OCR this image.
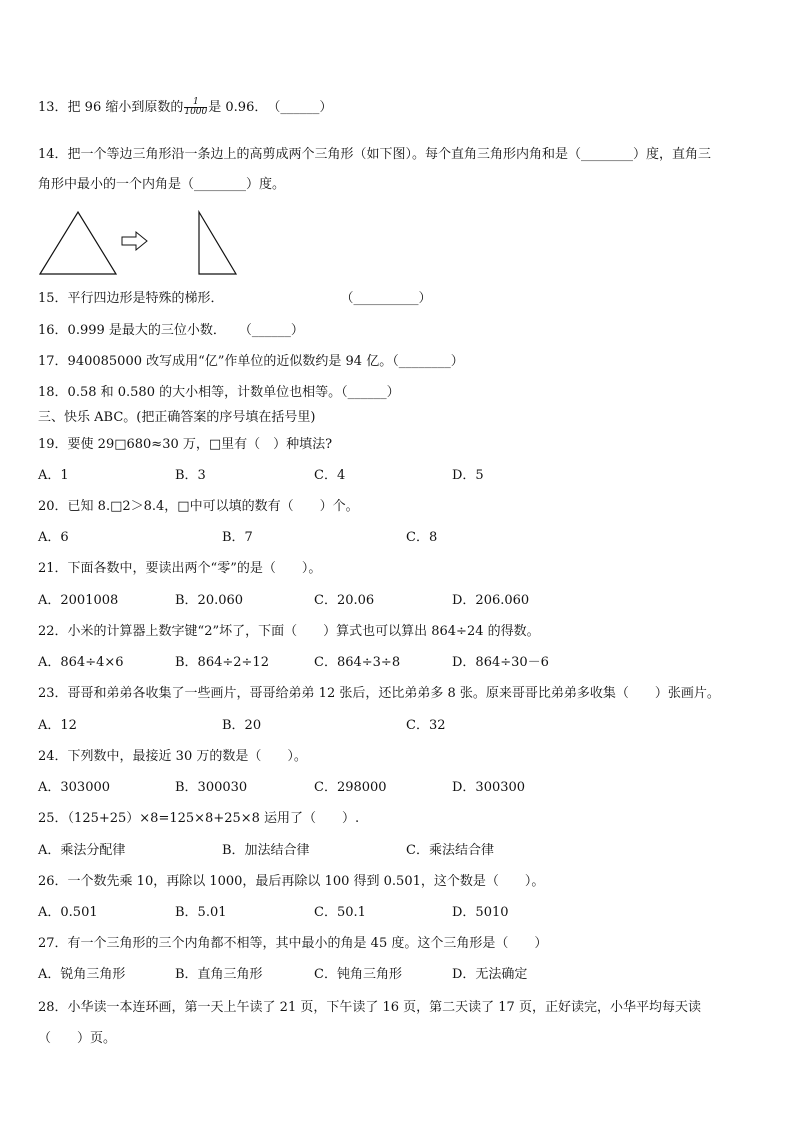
13．把 96 缩小到原数的 $\frac{1}{1000}$ 是 0.96．　（______）
14．把一个等边三角形沿一条边上的高剪成两个三角形（如下图）。每个直角三角形内角和是（________）度，直角三
角形中最小的一个内角是（________）度。
15．平行四边形是特殊的梯形．　　　　　　　　　　（__________）
16．0.999 是最大的三位小数．　　（______）
17．940085000 改写成用“亿”作单位的近似数约是 94 亿。（________）
18．0.58 和 0.580 的大小相等，计数单位也相等。（______）
三、快乐 ABC。(把正确答案的序号填在括号里)
19．要使 29□680≈30 万，□里有（　）种填法?
A．1	B．3	C．4	D．5
20．已知 8.□2＞8.4，□中可以填的数有（　　）个。
A．6	B．7	C．8
21．下面各数中，要读出两个“零”的是（　　）。
A．2001008	B．20.060	C．20.06	D．206.060
22．小米的计算器上数字键“2”坏了，下面（　　）算式也可以算出 864÷24 的得数。
A．864÷4×6	B．864÷2÷12	C．864÷3÷8	D．864÷30－6
23．哥哥和弟弟各收集了一些画片，哥哥给弟弟 12 张后，还比弟弟多 8 张。原来哥哥比弟弟多收集（　　）张画片。
A．12	B．20	C．32
24．下列数中，最接近 30 万的数是（　　）。
A．303000	B．300030	C．298000	D．300300
25．（125+25）×8=125×8+25×8 运用了（　　）.
A．乘法分配律	B．加法结合律	C．乘法结合律
26．一个数先乘 10，再除以 1000，最后再除以 100 得到 0.501，这个数是（　　）。
A．0.501	B．5.01	C．50.1	D．5010
27．有一个三角形的三个内角都不相等，其中最小的角是 45 度。这个三角形是（　　）
A．锐角三角形	B．直角三角形	C．钝角三角形	D．无法确定
28．小华读一本连环画，第一天上午读了 21 页，下午读了 16 页，第二天读了 17 页，正好读完，小华平均每天读
（　　）页。
